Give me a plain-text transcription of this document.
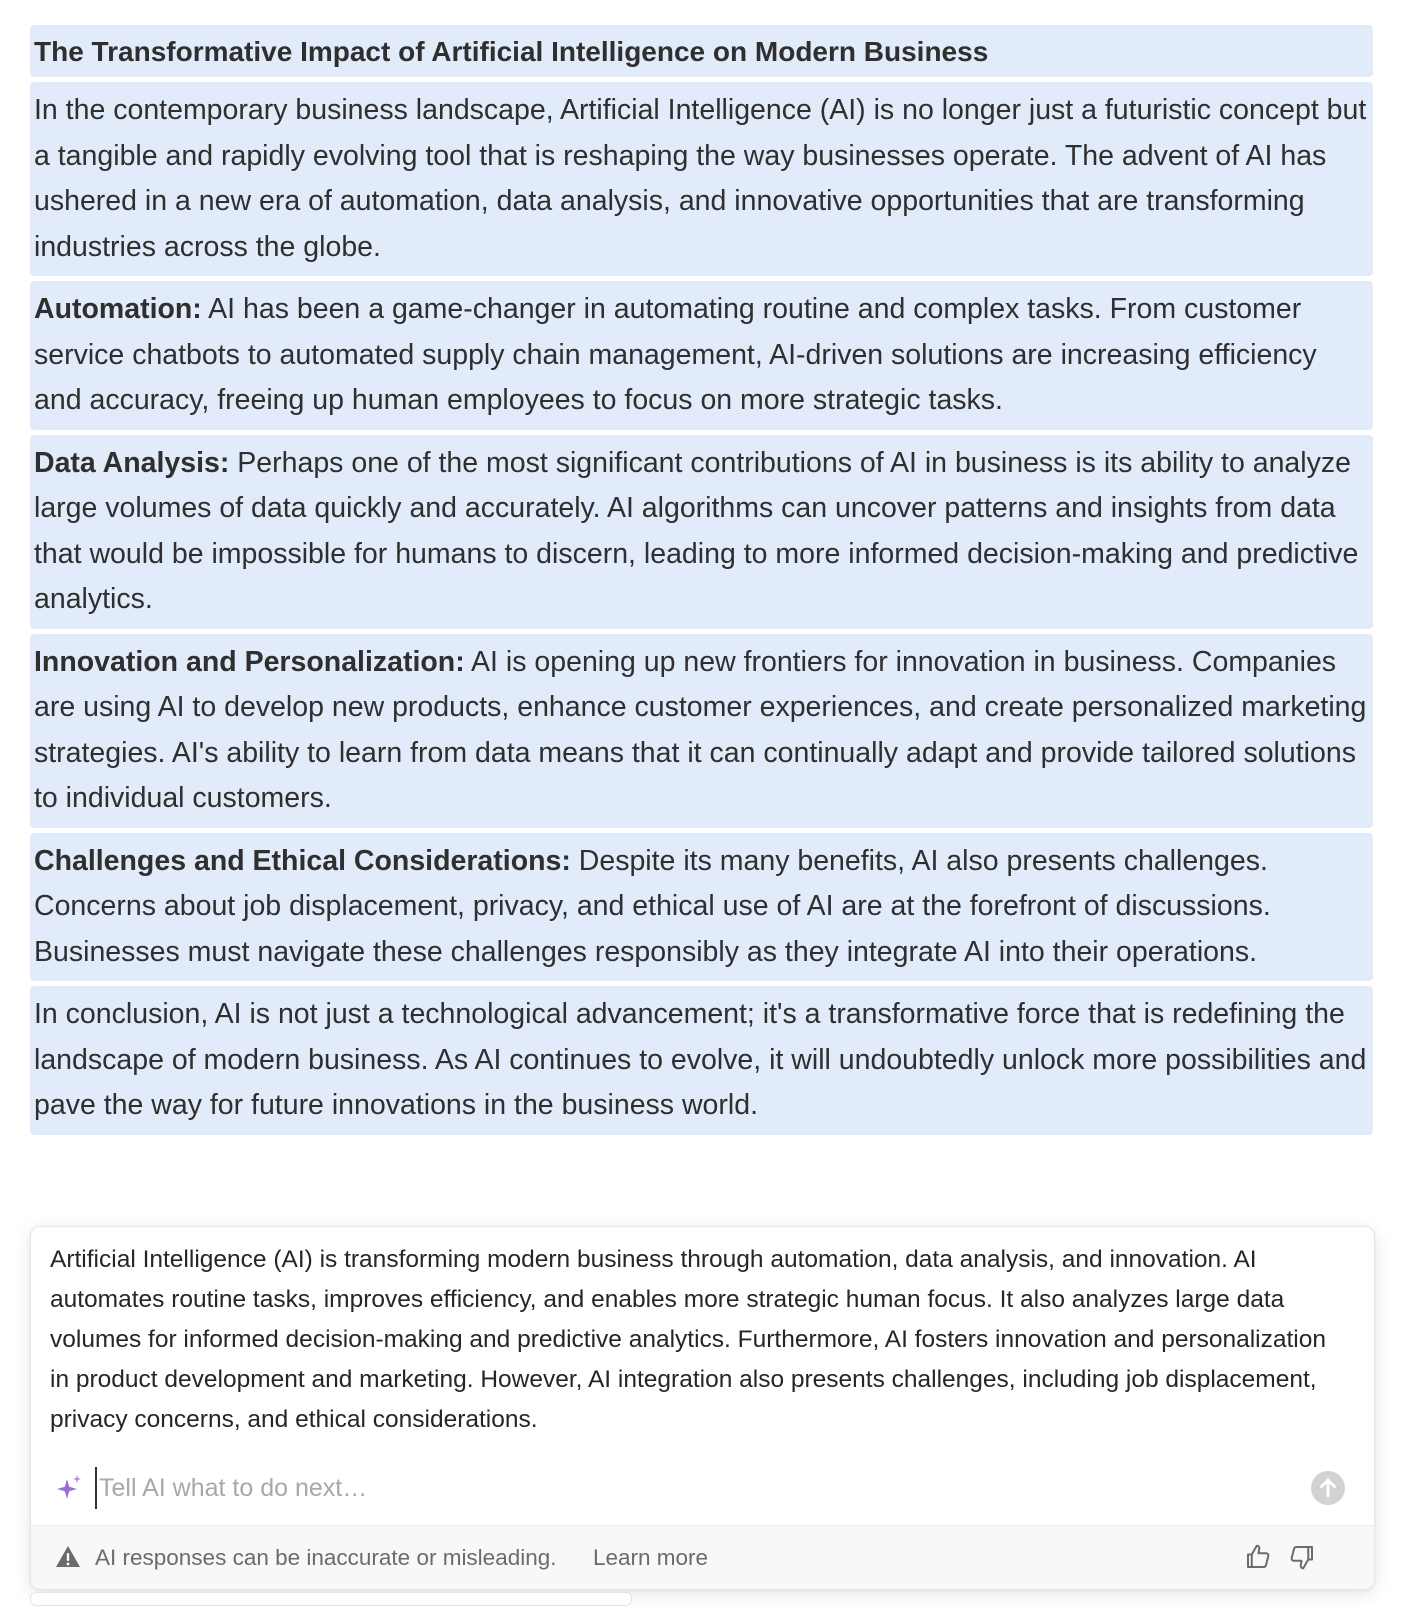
The Transformative Impact of Artificial Intelligence on Modern Business
In the contemporary business landscape, Artificial Intelligence (AI) is no longer just a futuristic concept but a tangible and rapidly evolving tool that is reshaping the way businesses operate. The advent of AI has ushered in a new era of automation, data analysis, and innovative opportunities that are transforming industries across the globe.
Automation: AI has been a game-changer in automating routine and complex tasks. From customer service chatbots to automated supply chain management, AI-driven solutions are increasing efficiency and accuracy, freeing up human employees to focus on more strategic tasks.
Data Analysis: Perhaps one of the most significant contributions of AI in business is its ability to analyze large volumes of data quickly and accurately. AI algorithms can uncover patterns and insights from data that would be impossible for humans to discern, leading to more informed decision-making and predictive analytics.
Innovation and Personalization: AI is opening up new frontiers for innovation in business. Companies are using AI to develop new products, enhance customer experiences, and create personalized marketing strategies. AI's ability to learn from data means that it can continually adapt and provide tailored solutions to individual customers.
Challenges and Ethical Considerations: Despite its many benefits, AI also presents challenges. Concerns about job displacement, privacy, and ethical use of AI are at the forefront of discussions. Businesses must navigate these challenges responsibly as they integrate AI into their operations.
In conclusion, AI is not just a technological advancement; it's a transformative force that is redefining the landscape of modern business. As AI continues to evolve, it will undoubtedly unlock more possibilities and pave the way for future innovations in the business world.

Artificial Intelligence (AI) is transforming modern business through automation, data analysis, and innovation. AI automates routine tasks, improves efficiency, and enables more strategic human focus. It also analyzes large data volumes for informed decision-making and predictive analytics. Furthermore, AI fosters innovation and personalization in product development and marketing. However, AI integration also presents challenges, including job displacement, privacy concerns, and ethical considerations.

Tell AI what to do next…
AI responses can be inaccurate or misleading. Learn more
